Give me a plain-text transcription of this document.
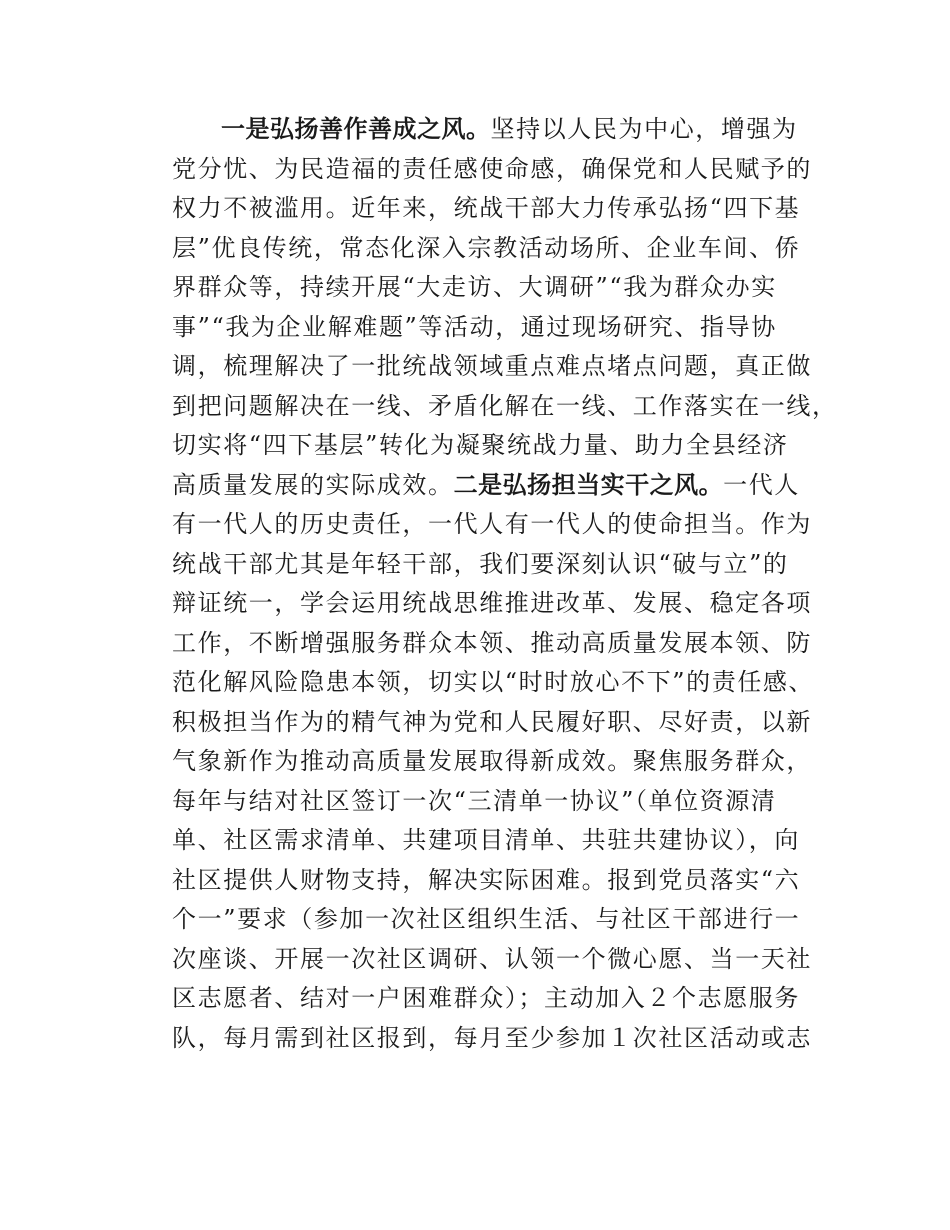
一是弘扬善作善成之风。坚持以人民为中心，增强为
党分忧、为民造福的责任感使命感，确保党和人民赋予的
权力不被滥用。近年来，统战干部大力传承弘扬“四下基
层”优良传统，常态化深入宗教活动场所、企业车间、侨
界群众等，持续开展“大走访、大调研”“我为群众办实
事”“我为企业解难题”等活动，通过现场研究、指导协
调，梳理解决了一批统战领域重点难点堵点问题，真正做
到把问题解决在一线、矛盾化解在一线、工作落实在一线，
切实将“四下基层”转化为凝聚统战力量、助力全县经济
高质量发展的实际成效。二是弘扬担当实干之风。一代人
有一代人的历史责任，一代人有一代人的使命担当。作为
统战干部尤其是年轻干部，我们要深刻认识“破与立”的
辩证统一，学会运用统战思维推进改革、发展、稳定各项
工作，不断增强服务群众本领、推动高质量发展本领、防
范化解风险隐患本领，切实以“时时放心不下”的责任感、
积极担当作为的精气神为党和人民履好职、尽好责，以新
气象新作为推动高质量发展取得新成效。聚焦服务群众，
每年与结对社区签订一次“三清单一协议”（单位资源清
单、社区需求清单、共建项目清单、共驻共建协议），向
社区提供人财物支持，解决实际困难。报到党员落实“六
个一”要求（参加一次社区组织生活、与社区干部进行一
次座谈、开展一次社区调研、认领一个微心愿、当一天社
区志愿者、结对一户困难群众）；主动加入２个志愿服务
队，每月需到社区报到，每月至少参加１次社区活动或志
